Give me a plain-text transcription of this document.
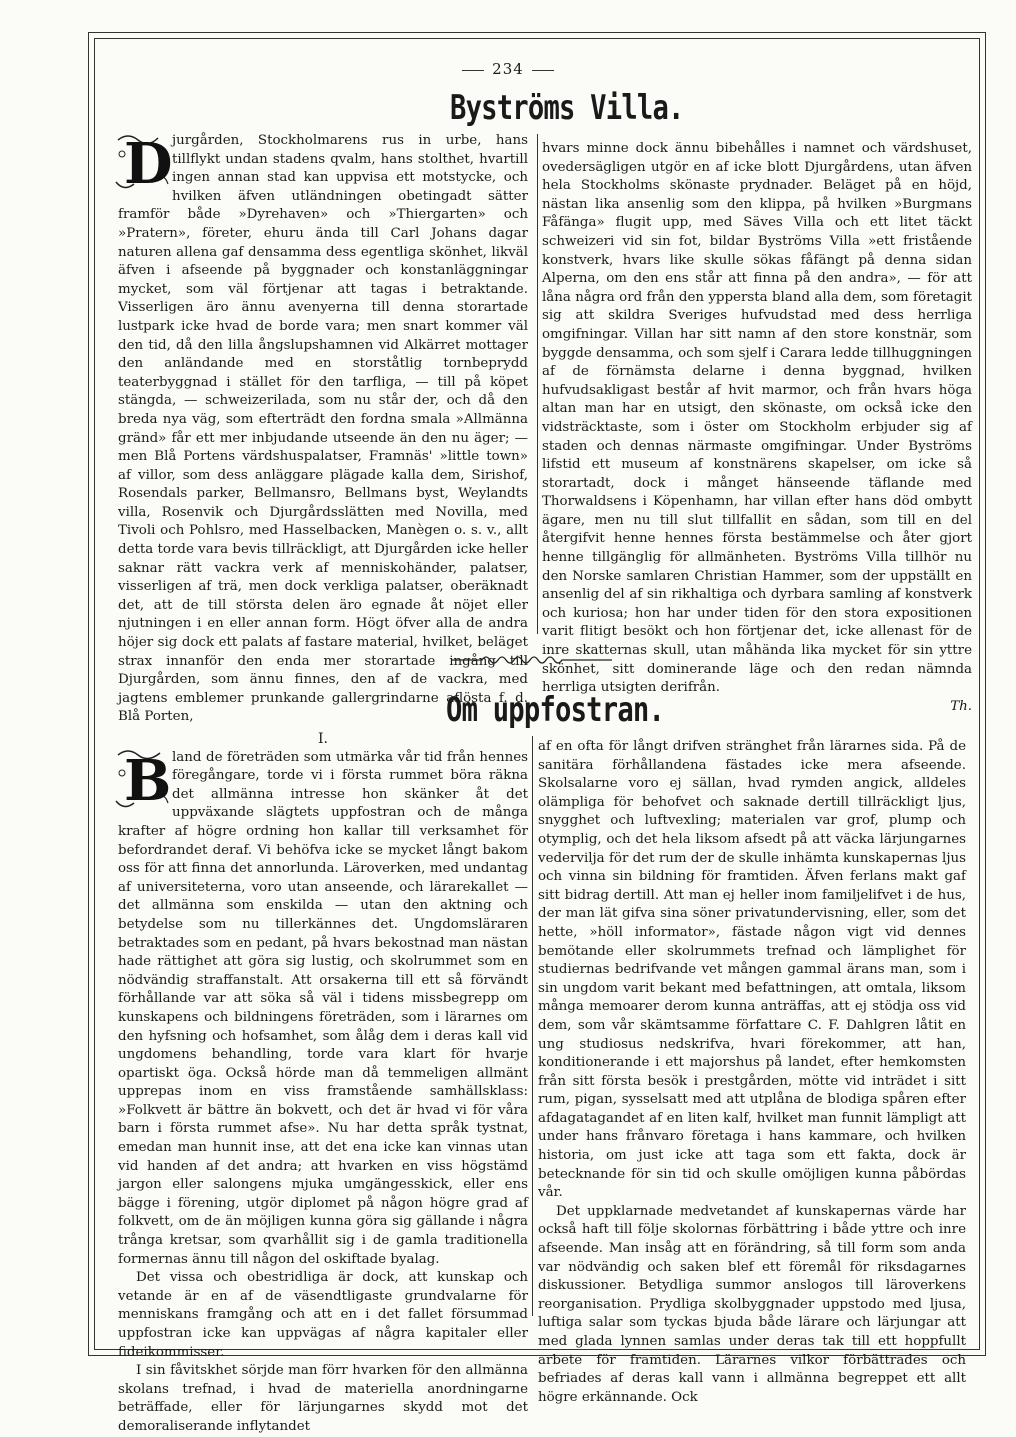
234
Byströms Villa.
D jurgården, Stockholmarens rus in urbe, hans tillflykt undan stadens qvalm, hans stolthet, hvartill ingen annan stad kan uppvisa ett motstycke, och hvilken äfven utländningen obetingadt sätter framför både »Dyrehaven» och »Thiergarten» och »Pratern», företer, ehuru ända till Carl Johans dagar naturen allena gaf densamma dess egentliga skönhet, likväl äfven i afseende på byggnader och konstanläggningar mycket, som väl förtjenar att tagas i betraktande. Visserligen äro ännu avenyerna till denna storartade lustpark icke hvad de borde vara; men snart kommer väl den tid, då den lilla ångslupshamnen vid Alkärret mottager den anländande med en storståtlig tornbeprydd teaterbyggnad i stället för den tarfliga, — till på köpet stängda, — schweizerilada, som nu står der, och då den breda nya väg, som efterträdt den fordna smala »Allmänna gränd» får ett mer inbjudande utseende än den nu äger; — men Blå Portens värdshuspalatser, Framnäs' »little town» af villor, som dess anläggare plägade kalla dem, Sirishof, Rosendals parker, Bellmansro, Bellmans byst, Weylandts villa, Rosenvik och Djurgårdsslätten med Novilla, med Tivoli och Pohlsro, med Hasselbacken, Manègen o. s. v., allt detta torde vara bevis tillräckligt, att Djurgården icke heller saknar rätt vackra verk af menniskohänder, palatser, visserligen af trä, men dock verkliga palatser, oberäknadt det, att de till största delen äro egnade åt nöjet eller njutningen i en eller annan form. Högt öfver alla de andra höjer sig dock ett palats af fastare material, hvilket, beläget strax innanför den enda mer storartade ingång till Djurgården, som ännu finnes, den af de vackra, med jagtens emblemer prunkande gallergrindarne aflösta f. d. Blå Porten,

hvars minne dock ännu bibehålles i namnet och värdshuset, ovedersägligen utgör en af icke blott Djurgårdens, utan äfven hela Stockholms skönaste prydnader. Beläget på en höjd, nästan lika ansenlig som den klippa, på hvilken »Burgmans Fåfänga» flugit upp, med Säves Villa och ett litet täckt schweizeri vid sin fot, bildar Byströms Villa »ett fristående konstverk, hvars like skulle sökas fåfängt på denna sidan Alperna, om den ens står att finna på den andra», — för att låna några ord från den yppersta bland alla dem, som företagit sig att skildra Sveriges hufvudstad med dess herrliga omgifningar. Villan har sitt namn af den store konstnär, som byggde densamma, och som sjelf i Carara ledde tillhuggningen af de förnämsta delarne i denna byggnad, hvilken hufvudsakligast består af hvit marmor, och från hvars höga altan man har en utsigt, den skönaste, om också icke den vidsträcktaste, som i öster om Stockholm erbjuder sig af staden och dennas närmaste omgifningar. Under Byströms lifstid ett museum af konstnärens skapelser, om icke så storartadt, dock i månget hänseende täflande med Thorwaldsens i Köpenhamn, har villan efter hans död ombytt ägare, men nu till slut tillfallit en sådan, som till en del återgifvit henne hennes första bestämmelse och åter gjort henne tillgänglig för allmänheten. Byströms Villa tillhör nu den Norske samlaren Christian Hammer, som der uppställt en ansenlig del af sin rikhaltiga och dyrbara samling af konstverk och kuriosa; hon har under tiden för den stora expositionen varit flitigt besökt och hon förtjenar det, icke allenast för de inre skatternas skull, utan måhända lika mycket för sin yttre skönhet, sitt dominerande läge och den redan nämnda herrliga utsigten derifrån.

Th.

Om uppfostran.

I.

B land de företräden som utmärka vår tid från hennes föregångare, torde vi i första rummet böra räkna det allmänna intresse hon skänker åt det uppväxande slägtets uppfostran och de många krafter af högre ordning hon kallar till verksamhet för befordrandet deraf. Vi behöfva icke se mycket långt bakom oss för att finna det annorlunda. Läroverken, med undantag af universiteterna, voro utan anseende, och lärarekallet — det allmänna som enskilda — utan den aktning och betydelse som nu tillerkännes det. Ungdomsläraren betraktades som en pedant, på hvars bekostnad man nästan hade rättighet att göra sig lustig, och skolrummet som en nödvändig straffanstalt. Att orsakerna till ett så förvändt förhållande var att söka så väl i tidens missbegrepp om kunskapens och bildningens företräden, som i lärarnes om den hyfsning och hofsamhet, som ålåg dem i deras kall vid ungdomens behandling, torde vara klart för hvarje opartiskt öga. Också hörde man då temmeligen allmänt upprepas inom en viss framstående samhällsklass: »Folkvett är bättre än bokvett, och det är hvad vi för våra barn i första rummet afse». Nu har detta språk tystnat, emedan man hunnit inse, att det ena icke kan vinnas utan vid handen af det andra; att hvarken en viss högstämd jargon eller salongens mjuka umgängesskick, eller ens bägge i förening, utgör diplomet på någon högre grad af folkvett, om de än möjligen kunna göra sig gällande i några trånga kretsar, som qvarhållit sig i de gamla traditionella formernas ännu till någon del oskiftade byalag.

Det vissa och obestridliga är dock, att kunskap och vetande är en af de väsendtligaste grundvalarne för menniskans framgång och att en i det fallet försummad uppfostran icke kan uppvägas af några kapitaler eller fideikommisser.

I sin fåvitskhet sörjde man förr hvarken för den allmänna skolans trefnad, i hvad de materiella anordningarne beträffade, eller för lärjungarnes skydd mot det demoraliserande inflytandet

af en ofta för långt drifven stränghet från lärarnes sida. På de sanitära förhållandena fästades icke mera afseende. Skolsalarne voro ej sällan, hvad rymden angick, alldeles olämpliga för behofvet och saknade dertill tillräckligt ljus, snygghet och luftvexling; materialen var grof, plump och otymplig, och det hela liksom afsedt på att väcka lärjungarnes vedervilja för det rum der de skulle inhämta kunskapernas ljus och vinna sin bildning för framtiden. Äfven ferlans makt gaf sitt bidrag dertill. Att man ej heller inom familjelifvet i de hus, der man lät gifva sina söner privatundervisning, eller, som det hette, »höll informator», fästade någon vigt vid dennes bemötande eller skolrummets trefnad och lämplighet för studiernas bedrifvande vet mången gammal ärans man, som i sin ungdom varit bekant med befattningen, att omtala, liksom många memoarer derom kunna anträffas, att ej stödja oss vid dem, som vår skämtsamme författare C. F. Dahlgren låtit en ung studiosus nedskrifva, hvari förekommer, att han, konditionerande i ett majorshus på landet, efter hemkomsten från sitt första besök i prestgården, mötte vid inträdet i sitt rum, pigan, sysselsatt med att utplåna de blodiga spåren efter afdagatagandet af en liten kalf, hvilket man funnit lämpligt att under hans frånvaro företaga i hans kammare, och hvilken historia, om just icke att taga som ett fakta, dock är betecknande för sin tid och skulle omöjligen kunna påbördas vår.

Det uppklarnade medvetandet af kunskapernas värde har också haft till följe skolornas förbättring i både yttre och inre afseende. Man insåg att en förändring, så till form som anda var nödvändig och saken blef ett föremål för riksdagarnes diskussioner. Betydliga summor anslogos till läroverkens reorganisation. Prydliga skolbyggnader uppstodo med ljusa, luftiga salar som tyckas bjuda både lärare och lärjungar att med glada lynnen samlas under deras tak till ett hoppfullt arbete för framtiden. Lärarnes vilkor förbättrades och befriades af deras kall vann i allmänna begreppet ett allt högre erkännande. Ock
